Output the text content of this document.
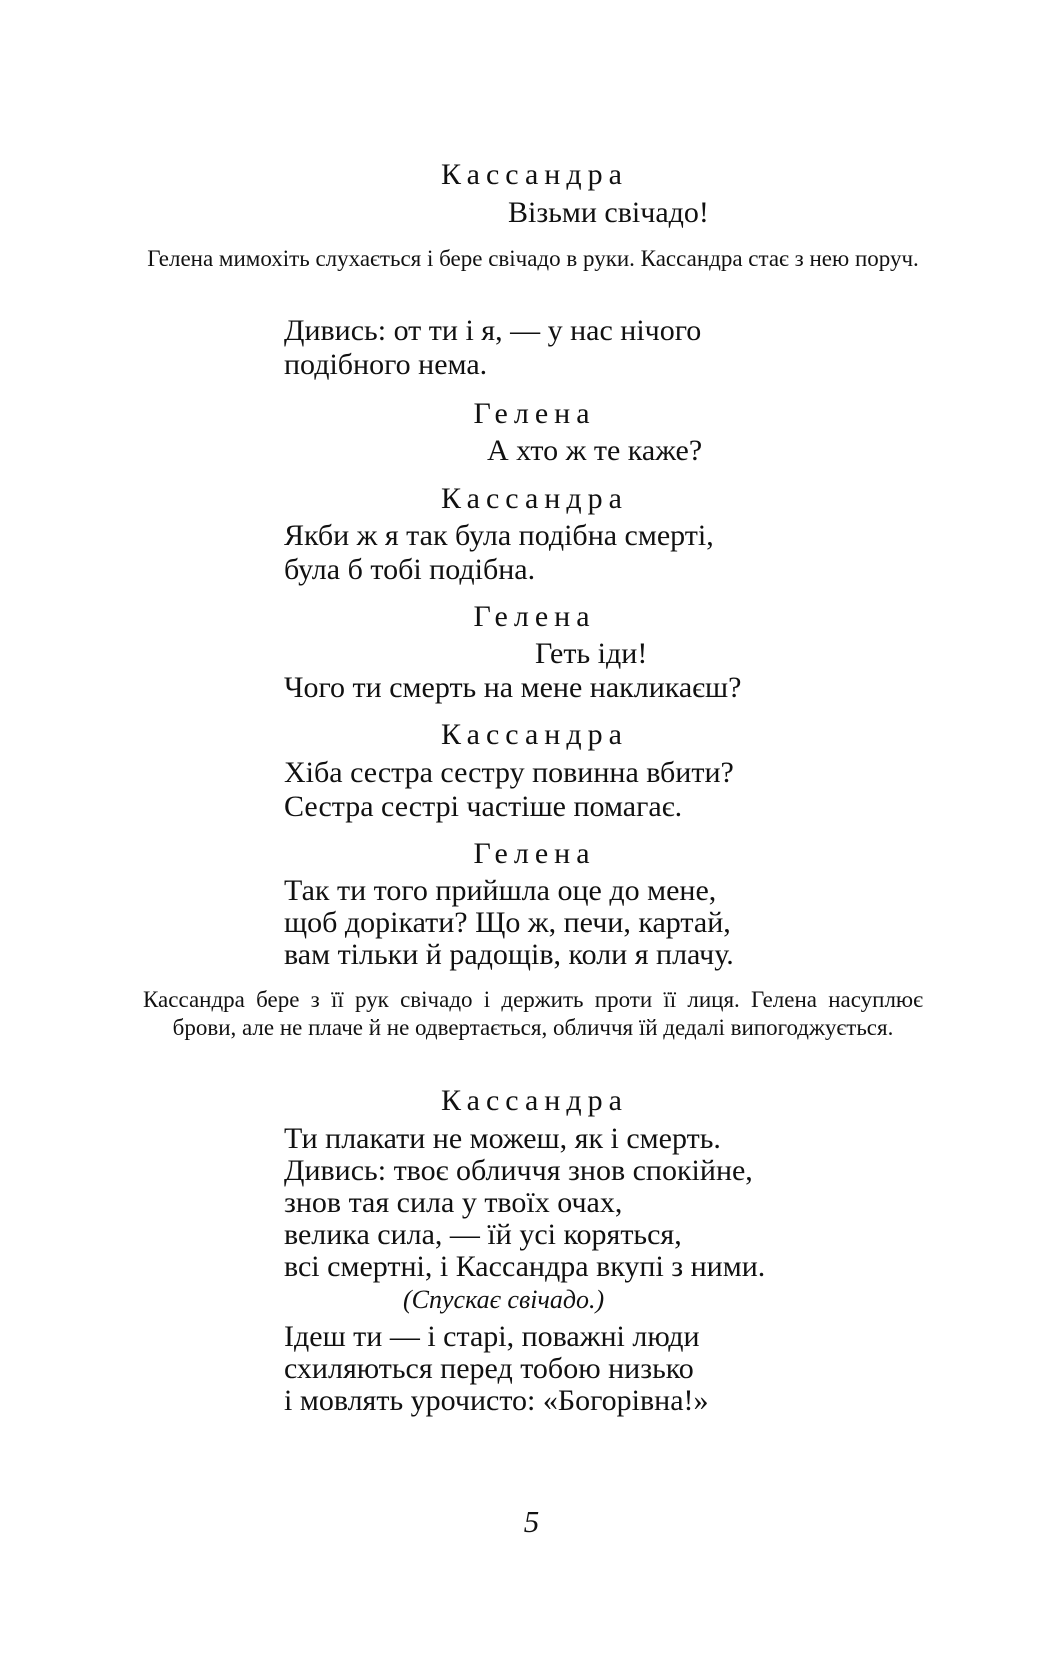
Кассандра
Візьми свічадо!
Гелена мимохіть слухається і бере свічадо в руки. Кассандра стає з нею поруч.
Дивись: от ти і я, — у нас нічого
подібного нема.
Гелена
А хто ж те каже?
Кассандра
Якби ж я так була подібна смерті,
була б тобі подібна.
Гелена
Геть іди!
Чого ти смерть на мене накликаєш?
Кассандра
Хіба сестра сестру повинна вбити?
Сестра сестрі частіше помагає.
Гелена
Так ти того прийшла оце до мене,
щоб дорікати? Що ж, печи, картай,
вам тільки й радощів, коли я плачу.
Кассандра бере з її рук свічадо і держить проти її лиця. Гелена насуплює брови, але не плаче й не одвертається, обличчя їй дедалі випогоджується.
Кассандра
Ти плакати не можеш, як і смерть.
Дивись: твоє обличчя знов спокійне,
знов тая сила у твоїх очах,
велика сила, — їй усі коряться,
всі смертні, і Кассандра вкупі з ними.
(Спускає свічадо.)
Ідеш ти — і старі, поважні люди
схиляються перед тобою низько
і мовлять урочисто: «Богорівна!»
5
